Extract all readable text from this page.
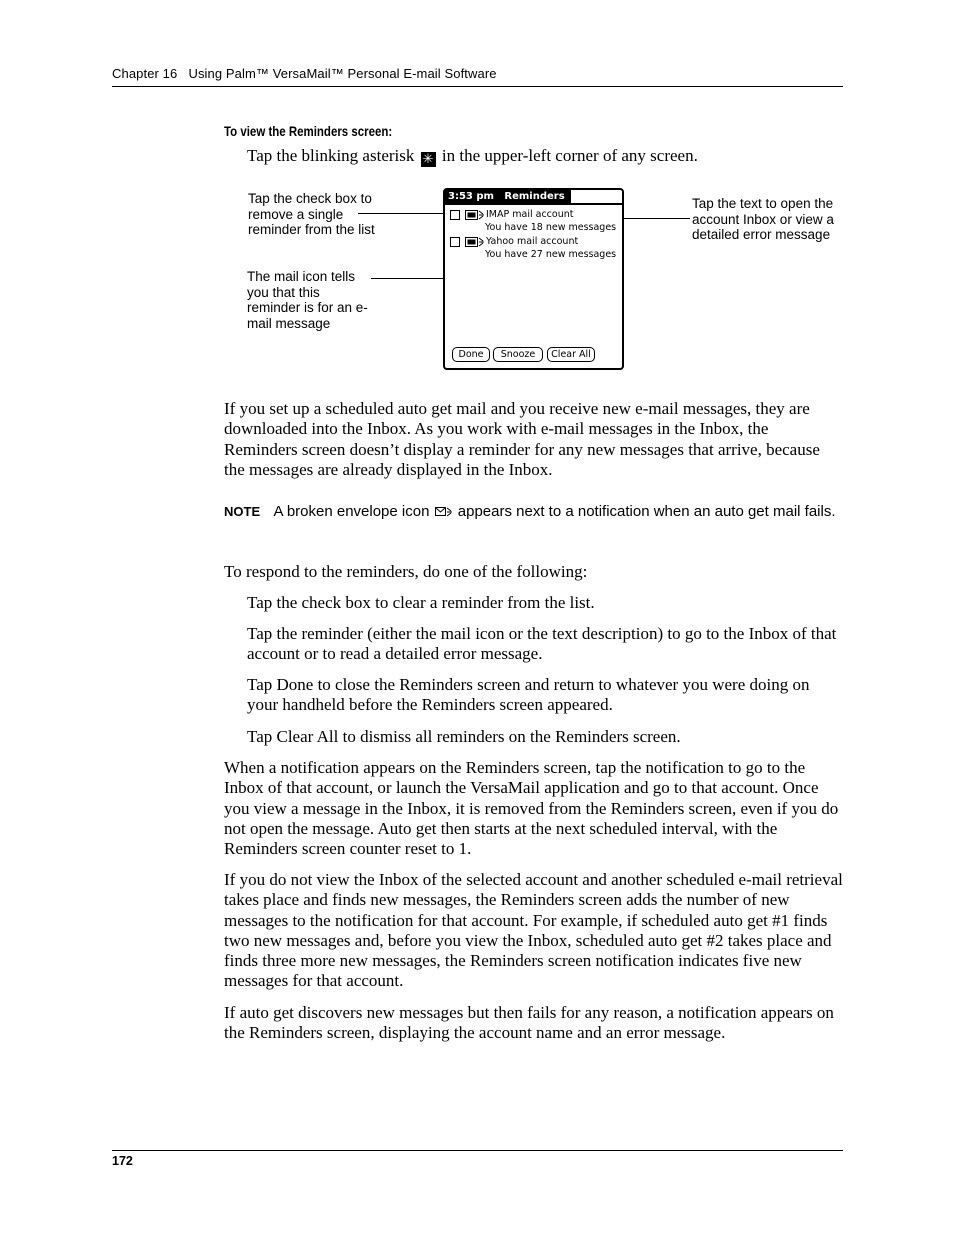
Chapter 16   Using Palm™ VersaMail™ Personal E-mail Software
To view the Reminders screen:
Tap the blinking asterisk ✳ in the upper-left corner of any screen.
Tap the check box to remove a single reminder from the list
The mail icon tells you that this reminder is for an e-mail message
Tap the text to open the account Inbox or view a detailed error message
3:53 pm Reminders
IMAP mail account
You have 18 new messages
Yahoo mail account
You have 27 new messages
Done	Snooze	Clear All
If you set up a scheduled auto get mail and you receive new e-mail messages, they are downloaded into the Inbox. As you work with e-mail messages in the Inbox, the Reminders screen doesn’t display a reminder for any new messages that arrive, because the messages are already displayed in the Inbox.
NOTE A broken envelope icon appears next to a notification when an auto get mail fails.
To respond to the reminders, do one of the following:
Tap the check box to clear a reminder from the list.
Tap the reminder (either the mail icon or the text description) to go to the Inbox of that account or to read a detailed error message.
Tap Done to close the Reminders screen and return to whatever you were doing on your handheld before the Reminders screen appeared.
Tap Clear All to dismiss all reminders on the Reminders screen.
When a notification appears on the Reminders screen, tap the notification to go to the Inbox of that account, or launch the VersaMail application and go to that account. Once you view a message in the Inbox, it is removed from the Reminders screen, even if you do not open the message. Auto get then starts at the next scheduled interval, with the Reminders screen counter reset to 1.
If you do not view the Inbox of the selected account and another scheduled e-mail retrieval takes place and finds new messages, the Reminders screen adds the number of new messages to the notification for that account. For example, if scheduled auto get #1 finds two new messages and, before you view the Inbox, scheduled auto get #2 takes place and finds three more new messages, the Reminders screen notification indicates five new messages for that account.
If auto get discovers new messages but then fails for any reason, a notification appears on the Reminders screen, displaying the account name and an error message.
172
